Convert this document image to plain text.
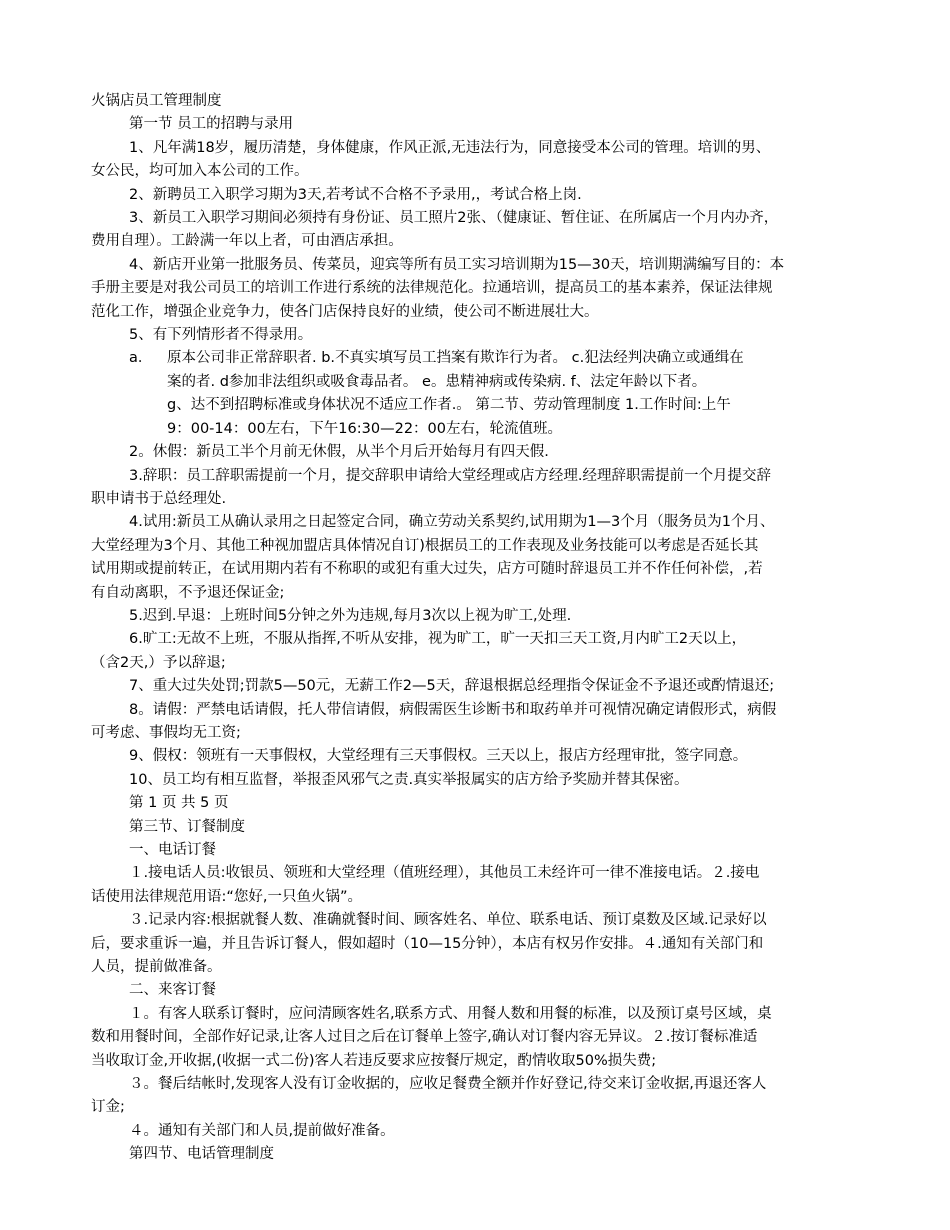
火锅店员工管理制度
第一节 员工的招聘与录用
1、凡年满18岁，履历清楚，身体健康，作风正派,无违法行为，同意接受本公司的管理。培训的男、
女公民，均可加入本公司的工作。
2、新聘员工入职学习期为3天,若考试不合格不予录用,，考试合格上岗.
3、新员工入职学习期间必须持有身份证、员工照片2张、（健康证、暂住证、在所属店一个月内办齐，
费用自理）。工龄满一年以上者，可由酒店承担。
4、新店开业第一批服务员、传菜员，迎宾等所有员工实习培训期为15—30天，培训期满编写目的：本
手册主要是对我公司员工的培训工作进行系统的法律规范化。拉通培训，提高员工的基本素养，保证法律规
范化工作，增强企业竞争力，使各门店保持良好的业绩，使公司不断进展壮大。
5、有下列情形者不得录用。
a．	原本公司非正常辞职者. b.不真实填写员工挡案有欺诈行为者。 c.犯法经判决确立或通缉在
案的者. d参加非法组织或吸食毒品者。 e。患精神病或传染病. f、法定年龄以下者。
g、达不到招聘标准或身体状况不适应工作者.。 第二节、劳动管理制度 1.工作时间:上午
9：00-14：00左右，下午16:30—22：00左右，轮流值班。
2。休假：新员工半个月前无休假，从半个月后开始每月有四天假.
3.辞职：员工辞职需提前一个月，提交辞职申请给大堂经理或店方经理.经理辞职需提前一个月提交辞
职申请书于总经理处.
4.试用:新员工从确认录用之日起签定合同，确立劳动关系契约,试用期为1—3个月（服务员为1个月、
大堂经理为3个月、其他工种视加盟店具体情况自订)根据员工的工作表现及业务技能可以考虑是否延长其
试用期或提前转正，在试用期内若有不称职的或犯有重大过失，店方可随时辞退员工并不作任何补偿，,若
有自动离职，不予退还保证金;
5.迟到.早退：上班时间5分钟之外为违规,每月3次以上视为旷工,处理.
6.旷工:无故不上班，不服从指挥,不听从安排，视为旷工，旷一天扣三天工资,月内旷工2天以上，
（含2天,）予以辞退;
7、重大过失处罚;罚款5—50元，无薪工作2—5天，辞退根据总经理指令保证金不予退还或酌情退还;
8。请假：严禁电话请假，托人带信请假，病假需医生诊断书和取药单并可视情况确定请假形式，病假
可考虑、事假均无工资;
9、假权：领班有一天事假权，大堂经理有三天事假权。三天以上，报店方经理审批，签字同意。
10、员工均有相互监督，举报歪风邪气之责.真实举报属实的店方给予奖励并替其保密。
第 1 页 共 5 页
第三节、订餐制度
一、电话订餐
１.接电话人员:收银员、领班和大堂经理（值班经理），其他员工未经许可一律不准接电话。２.接电
话使用法律规范用语:“您好,一只鱼火锅”。
３.记录内容:根据就餐人数、准确就餐时间、顾客姓名、单位、联系电话、预订桌数及区域.记录好以
后，要求重诉一遍，并且告诉订餐人，假如超时（10—15分钟），本店有权另作安排。４.通知有关部门和
人员，提前做准备。
二、来客订餐
１。有客人联系订餐时，应问清顾客姓名,联系方式、用餐人数和用餐的标准，以及预订桌号区域，桌
数和用餐时间，全部作好记录,让客人过目之后在订餐单上签字,确认对订餐内容无异议。２.按订餐标准适
当收取订金,开收据,(收据一式二份)客人若违反要求应按餐厅规定，酌情收取50%损失费;
３。餐后结帐时,发现客人没有订金收据的，应收足餐费全额并作好登记,待交来订金收据,再退还客人
订金;
４。通知有关部门和人员,提前做好准备。
第四节、电话管理制度
